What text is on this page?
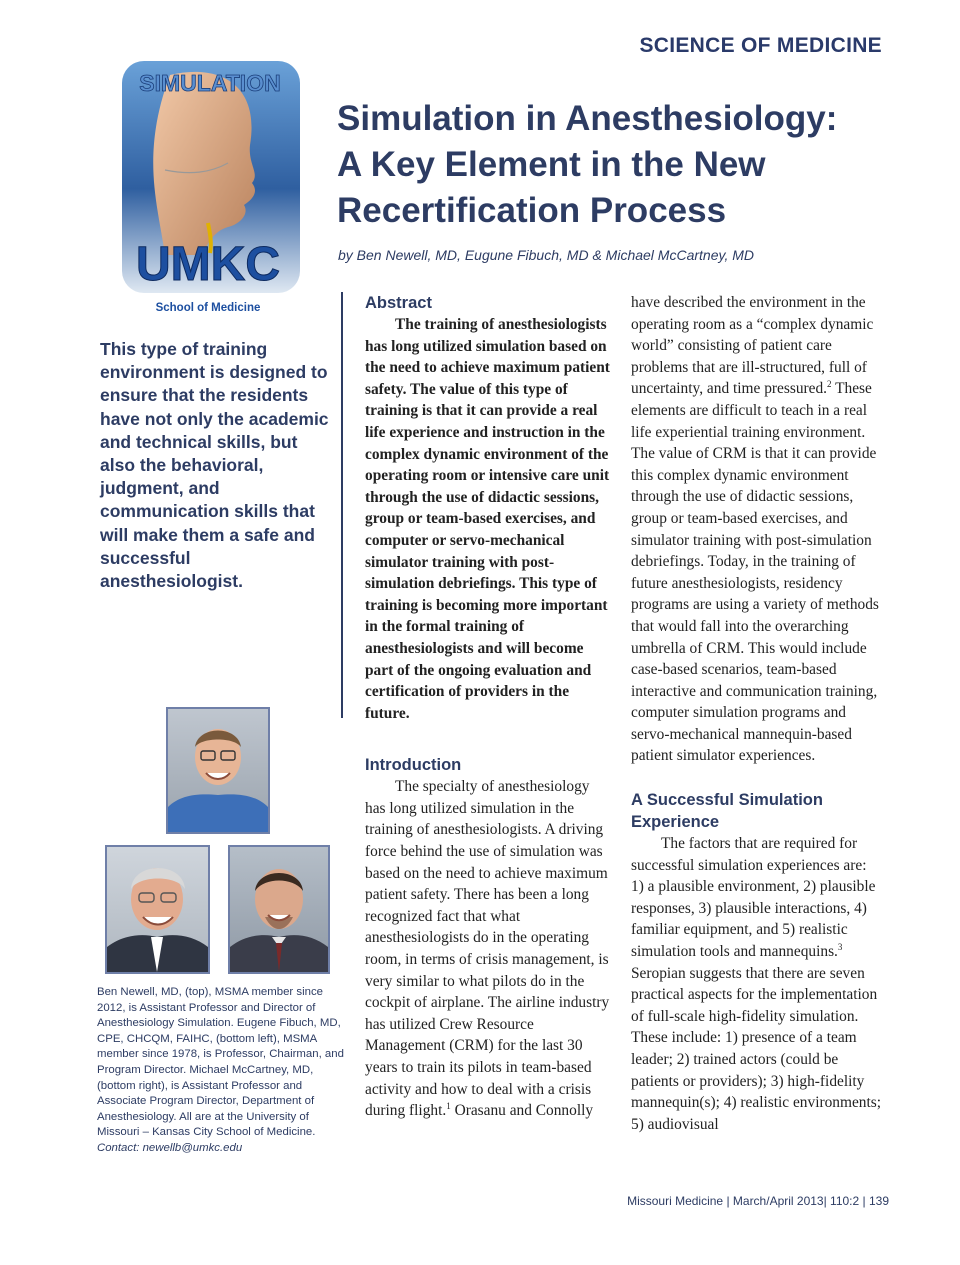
SCIENCE OF MEDICINE
SIMULATION
UMKC
School of Medicine
Simulation in Anesthesiology:
A Key Element in the New
Recertification Process
by Ben Newell, MD, Eugune Fibuch, MD & Michael McCartney, MD
This type of training environment is designed to ensure that the residents have not only the academic and technical skills, but also the behavioral, judgment, and communication skills that will make them a safe and successful anesthesiologist.
Ben Newell, MD, (top), MSMA member since 2012, is Assistant Professor and Director of Anesthesiology Simulation. Eugene Fibuch, MD, CPE, CHCQM, FAIHC, (bottom left), MSMA member since 1978, is Professor, Chairman, and Program Director. Michael McCartney, MD, (bottom right), is Assistant Professor and Associate Program Director, Department of Anesthesiology. All are at the University of Missouri – Kansas City School of Medicine.
Contact: newellb@umkc.edu
Abstract

The training of anesthesiologists has long utilized simulation based on the need to achieve maximum patient safety. The value of this type of training is that it can provide a real life experience and instruction in the complex dynamic environment of the operating room or intensive care unit through the use of didactic sessions, group or team-based exercises, and computer or servo-mechanical simulator training with post-simulation debriefings. This type of training is becoming more important in the formal training of anesthesiologists and will become part of the ongoing evaluation and certification of providers in the future.

Introduction

The specialty of anesthesiology has long utilized simulation in the training of anesthesiologists. A driving force behind the use of simulation was based on the need to achieve maximum patient safety. There has been a long recognized fact that what anesthesiologists do in the operating room, in terms of crisis management, is very similar to what pilots do in the cockpit of airplane. The airline industry has utilized Crew Resource Management (CRM) for the last 30 years to train its pilots in team-based activity and how to deal with a crisis during flight.$^1$ Orasanu and Connolly

have described the environment in the operating room as a “complex dynamic world” consisting of patient care problems that are ill-structured, full of uncertainty, and time pressured.$^2$ These elements are difficult to teach in a real life experiential training environment. The value of CRM is that it can provide this complex dynamic environment through the use of didactic sessions, group or team-based exercises, and simulator training with post-simulation debriefings. Today, in the training of future anesthesiologists, residency programs are using a variety of methods that would fall into the overarching umbrella of CRM. This would include case-based scenarios, team-based interactive and communication training, computer simulation programs and servo-mechanical mannequin-based patient simulator experiences.

A Successful Simulation Experience

The factors that are required for successful simulation experiences are: 1) a plausible environment, 2) plausible responses, 3) plausible interactions, 4) familiar equipment, and 5) realistic simulation tools and mannequins.$^3$ Seropian suggests that there are seven practical aspects for the implementation of full-scale high-fidelity simulation. These include: 1) presence of a team leader; 2) trained actors (could be patients or providers); 3) high-fidelity mannequin(s); 4) realistic environments; 5) audiovisual

Missouri Medicine | March/April 2013| 110:2 | 139
